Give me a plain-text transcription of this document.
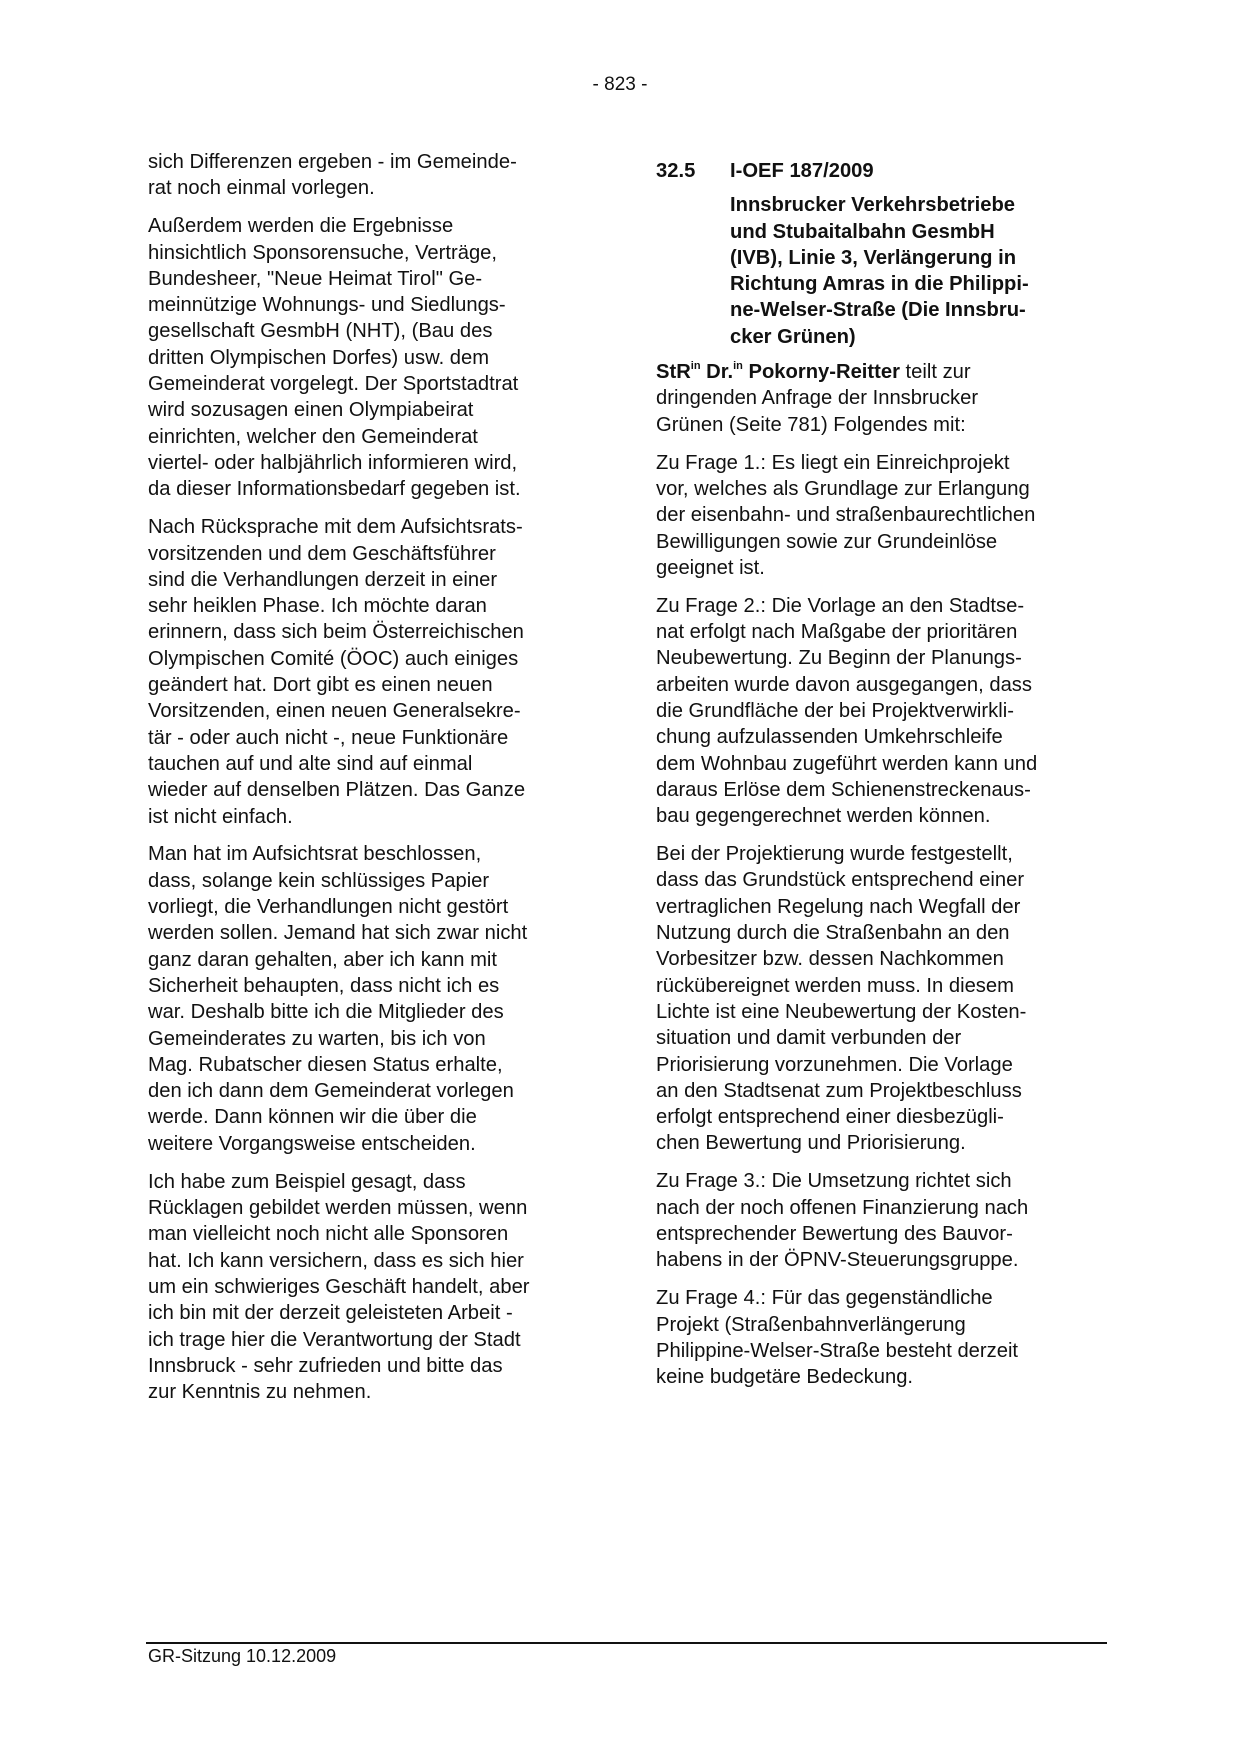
- 823 -

sich Differenzen ergeben - im Gemeinde-
rat noch einmal vorlegen.

Außerdem werden die Ergebnisse
hinsichtlich Sponsorensuche, Verträge,
Bundesheer, "Neue Heimat Tirol" Ge-
meinnützige Wohnungs- und Siedlungs-
gesellschaft GesmbH (NHT), (Bau des
dritten Olympischen Dorfes) usw. dem
Gemeinderat vorgelegt. Der Sportstadtrat
wird sozusagen einen Olympiabeirat
einrichten, welcher den Gemeinderat
viertel- oder halbjährlich informieren wird,
da dieser Informationsbedarf gegeben ist.

Nach Rücksprache mit dem Aufsichtsrats-
vorsitzenden und dem Geschäftsführer
sind die Verhandlungen derzeit in einer
sehr heiklen Phase. Ich möchte daran
erinnern, dass sich beim Österreichischen
Olympischen Comité (ÖOC) auch einiges
geändert hat. Dort gibt es einen neuen
Vorsitzenden, einen neuen Generalsekre-
tär - oder auch nicht -, neue Funktionäre
tauchen auf und alte sind auf einmal
wieder auf denselben Plätzen. Das Ganze
ist nicht einfach.

Man hat im Aufsichtsrat beschlossen,
dass, solange kein schlüssiges Papier
vorliegt, die Verhandlungen nicht gestört
werden sollen. Jemand hat sich zwar nicht
ganz daran gehalten, aber ich kann mit
Sicherheit behaupten, dass nicht ich es
war. Deshalb bitte ich die Mitglieder des
Gemeinderates zu warten, bis ich von
Mag. Rubatscher diesen Status erhalte,
den ich dann dem Gemeinderat vorlegen
werde. Dann können wir die über die
weitere Vorgangsweise entscheiden.

Ich habe zum Beispiel gesagt, dass
Rücklagen gebildet werden müssen, wenn
man vielleicht noch nicht alle Sponsoren
hat. Ich kann versichern, dass es sich hier
um ein schwieriges Geschäft handelt, aber
ich bin mit der derzeit geleisteten Arbeit -
ich trage hier die Verantwortung der Stadt
Innsbruck - sehr zufrieden und bitte das
zur Kenntnis zu nehmen.

32.5	I-OEF 187/2009
Innsbrucker Verkehrsbetriebe
und Stubaitalbahn GesmbH
(IVB), Linie 3, Verlängerung in
Richtung Amras in die Philippi-
ne-Welser-Straße (Die Innsbru-
cker Grünen)

StR$^{in}$ Dr.$^{in}$ Pokorny-Reitter teilt zur
dringenden Anfrage der Innsbrucker
Grünen (Seite 781) Folgendes mit:

Zu Frage 1.: Es liegt ein Einreichprojekt
vor, welches als Grundlage zur Erlangung
der eisenbahn- und straßenbaurechtlichen
Bewilligungen sowie zur Grundeinlöse
geeignet ist.

Zu Frage 2.: Die Vorlage an den Stadtse-
nat erfolgt nach Maßgabe der prioritären
Neubewertung. Zu Beginn der Planungs-
arbeiten wurde davon ausgegangen, dass
die Grundfläche der bei Projektverwirkli-
chung aufzulassenden Umkehrschleife
dem Wohnbau zugeführt werden kann und
daraus Erlöse dem Schienenstreckenaus-
bau gegengerechnet werden können.

Bei der Projektierung wurde festgestellt,
dass das Grundstück entsprechend einer
vertraglichen Regelung nach Wegfall der
Nutzung durch die Straßenbahn an den
Vorbesitzer bzw. dessen Nachkommen
rückübereignet werden muss. In diesem
Lichte ist eine Neubewertung der Kosten-
situation und damit verbunden der
Priorisierung vorzunehmen. Die Vorlage
an den Stadtsenat zum Projektbeschluss
erfolgt entsprechend einer diesbezügli-
chen Bewertung und Priorisierung.

Zu Frage 3.: Die Umsetzung richtet sich
nach der noch offenen Finanzierung nach
entsprechender Bewertung des Bauvor-
habens in der ÖPNV-Steuerungsgruppe.

Zu Frage 4.: Für das gegenständliche
Projekt (Straßenbahnverlängerung
Philippine-Welser-Straße besteht derzeit
keine budgetäre Bedeckung.

GR-Sitzung 10.12.2009
